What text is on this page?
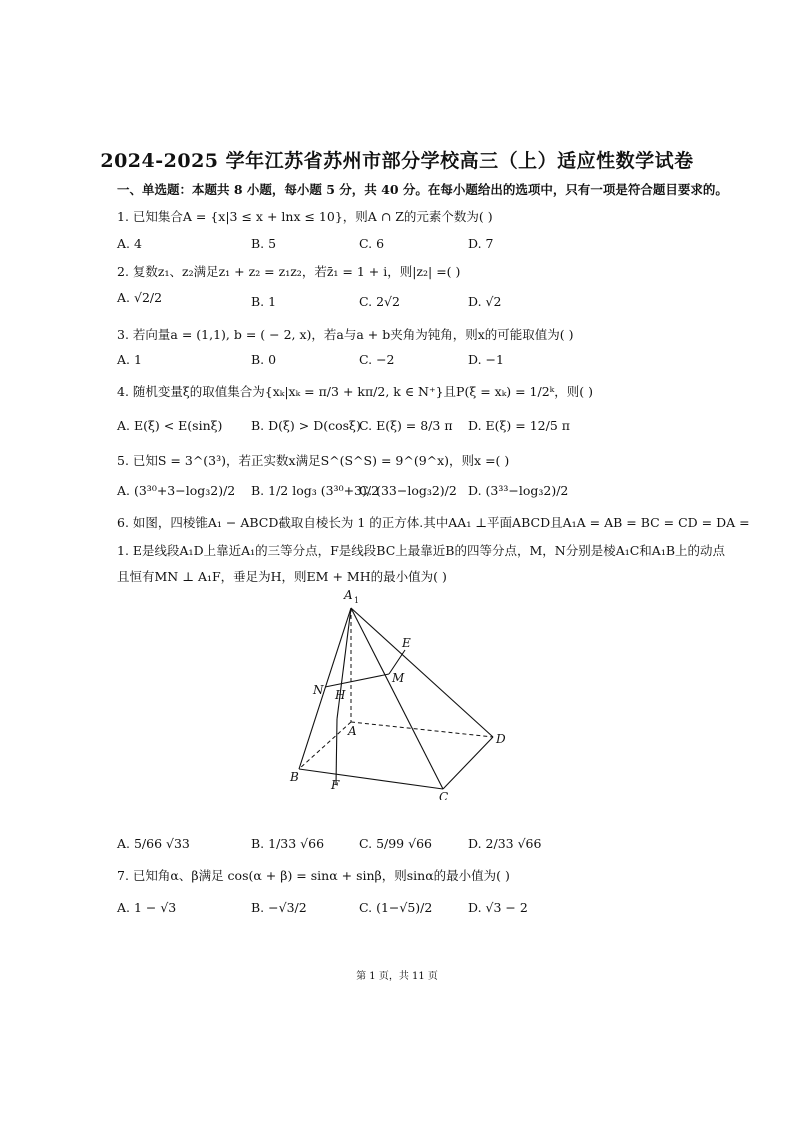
2024-2025 学年江苏省苏州市部分学校高三（上）适应性数学试卷
一、单选题：本题共 8 小题，每小题 5 分，共 40 分。在每小题给出的选项中，只有一项是符合题目要求的。
1. 已知集合A = {x|3 ≤ x + lnx ≤ 10}，则A ∩ Z的元素个数为( )
A. 4	B. 5	C. 6	D. 7
2. 复数z₁、z₂满足z₁ + z₂ = z₁z₂，若z̄₁ = 1 + i，则|z₂| =( )
A. √2/2	B. 1	C. 2√2	D. √2
3. 若向量a = (1,1), b = ( − 2, x)，若a与a + b夹角为钝角，则x的可能取值为( )
A. 1	B. 0	C. −2	D. −1
4. 随机变量ξ的取值集合为{xₖ|xₖ = π/3 + kπ/2, k ∈ N⁺}且P(ξ = xₖ) = 1/2ᵏ，则( )
A. E(ξ) < E(sinξ) B. D(ξ) > D(cosξ)
C. E(ξ) = 8/3 π D. E(ξ) = 12/5 π
5. 已知S = 3^(3³)，若正实数x满足S^(S^S) = 9^(9^x)，则x =( )
A. (3³⁰+3−log₃2)/2 B. 1/2 log₃ (3³⁰+3)/2
C. (33−log₃2)/2 D. (3³³−log₃2)/2
6. 如图，四棱锥A₁ − ABCD截取自棱长为 1 的正方体.其中AA₁ ⊥平面ABCD且A₁A = AB = BC = CD = DA =
1. E是线段A₁D上靠近A₁的三等分点，F是线段BC上最靠近B的四等分点，M，N分别是棱A₁C和A₁B上的动点
且恒有MN ⊥ A₁F，垂足为H，则EM + MH的最小值为( )
A 1
A
B
C
D
E
F
M
N H
A. 5/66 √33	B. 1/33 √66	C. 5/99 √66	D. 2/33 √66
7. 已知角α、β满足 cos(α + β) = sinα + sinβ，则sinα的最小值为( )
A. 1 − √3	B. −√3/2	C. (1−√5)/2	D. √3 − 2
第 1 页，共 11 页
